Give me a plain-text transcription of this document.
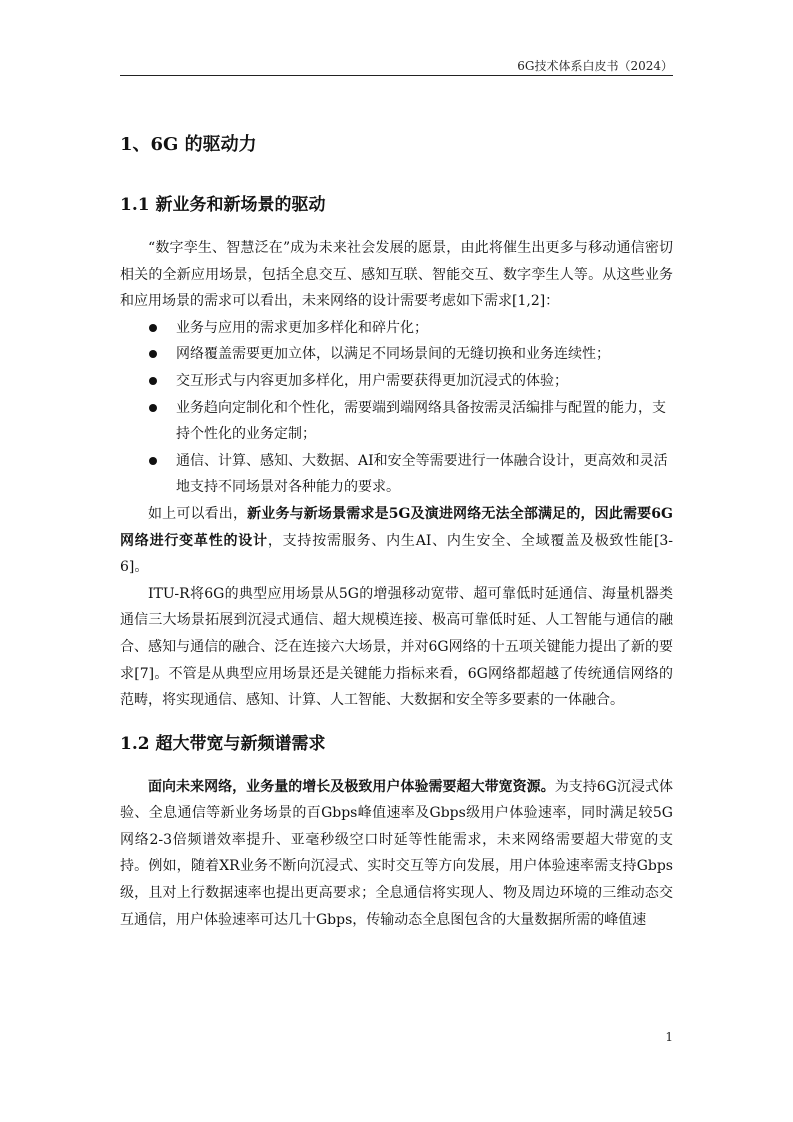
6G技术体系白皮书（2024）
1、6G 的驱动力
1.1 新业务和新场景的驱动

“数字孪生、智慧泛在”成为未来社会发展的愿景，由此将催生出更多与移动通信密切相关的全新应用场景，包括全息交互、感知互联、智能交互、数字孪生人等。从这些业务和应用场景的需求可以看出，未来网络的设计需要考虑如下需求[1,2]：

业务与应用的需求更加多样化和碎片化；
网络覆盖需要更加立体，以满足不同场景间的无缝切换和业务连续性；
交互形式与内容更加多样化，用户需要获得更加沉浸式的体验；
业务趋向定制化和个性化，需要端到端网络具备按需灵活编排与配置的能力，支持个性化的业务定制；
通信、计算、感知、大数据、AI和安全等需要进行一体融合设计，更高效和灵活地支持不同场景对各种能力的要求。

如上可以看出，新业务与新场景需求是5G及演进网络无法全部满足的，因此需要6G网络进行变革性的设计，支持按需服务、内生AI、内生安全、全域覆盖及极致性能[3-6]。

ITU-R将6G的典型应用场景从5G的增强移动宽带、超可靠低时延通信、海量机器类通信三大场景拓展到沉浸式通信、超大规模连接、极高可靠低时延、人工智能与通信的融合、感知与通信的融合、泛在连接六大场景，并对6G网络的十五项关键能力提出了新的要求[7]。不管是从典型应用场景还是关键能力指标来看，6G网络都超越了传统通信网络的范畴，将实现通信、感知、计算、人工智能、大数据和安全等多要素的一体融合。

1.2 超大带宽与新频谱需求

面向未来网络，业务量的增长及极致用户体验需要超大带宽资源。为支持6G沉浸式体验、全息通信等新业务场景的百Gbps峰值速率及Gbps级用户体验速率，同时满足较5G网络2-3倍频谱效率提升、亚毫秒级空口时延等性能需求，未来网络需要超大带宽的支持。例如，随着XR业务不断向沉浸式、实时交互等方向发展，用户体验速率需支持Gbps级，且对上行数据速率也提出更高要求；全息通信将实现人、物及周边环境的三维动态交互通信，用户体验速率可达几十Gbps，传输动态全息图包含的大量数据所需的峰值速

1
